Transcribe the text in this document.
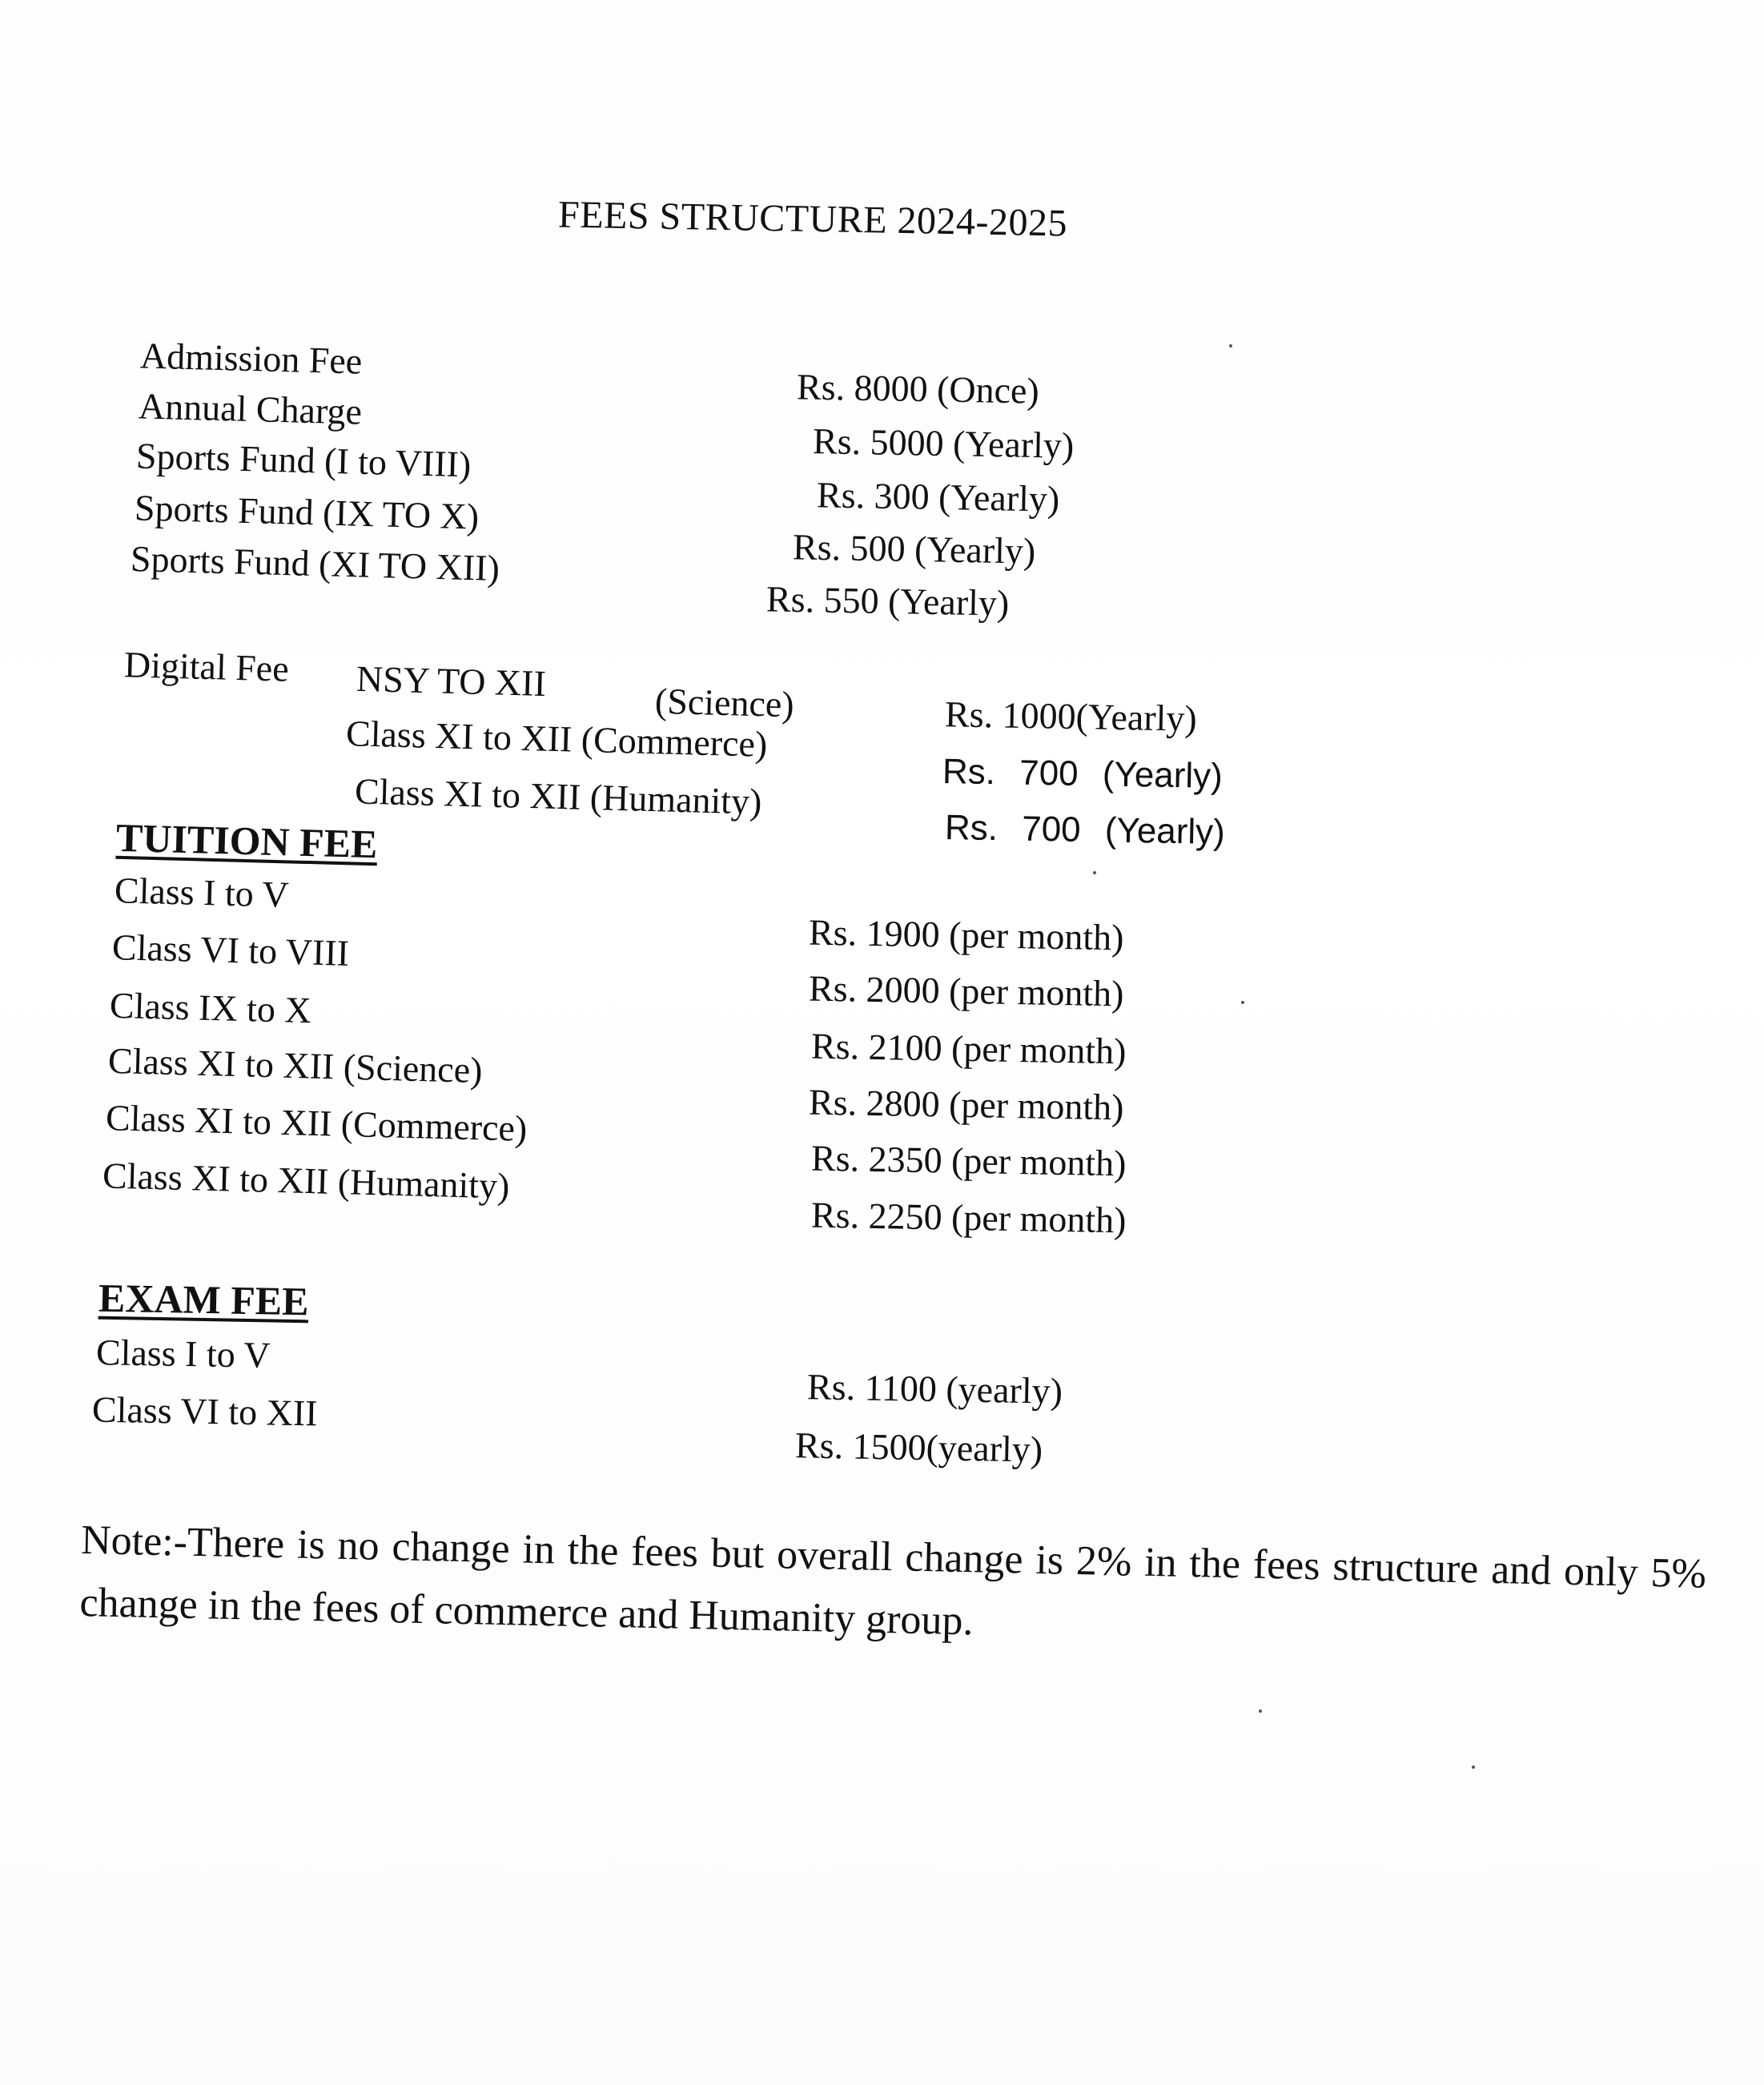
FEES STRUCTURE 2024-2025
Admission Fee
Annual Charge
Sports Fund (I to VIII)
Sports Fund (IX TO X)
Sports Fund (XI TO XII)
Rs. 8000 (Once)
Rs. 5000 (Yearly)
Rs. 300 (Yearly)
Rs. 500 (Yearly)
Rs. 550 (Yearly)
Digital Fee NSY TO XII	(Science)
Class XI to XII (Commerce)
Class XI to XII (Humanity)
Rs. 1000(Yearly)
Rs. 700 (Yearly)
Rs. 700 (Yearly)
TUITION FEE
Class I to V
Class VI to VIII
Class IX to X
Class XI to XII (Science)
Class XI to XII (Commerce)
Class XI to XII (Humanity)
Rs. 1900 (per month)
Rs. 2000 (per month)
Rs. 2100 (per month)
Rs. 2800 (per month)
Rs. 2350 (per month)
Rs. 2250 (per month)
EXAM FEE
Class I to V
Class VI to XII	Rs. 1100 (yearly)
Rs. 1500(yearly)
Note:-There is no change in the fees but overall change is 2% in the fees structure and only 5% change in the fees of commerce and Humanity group.
